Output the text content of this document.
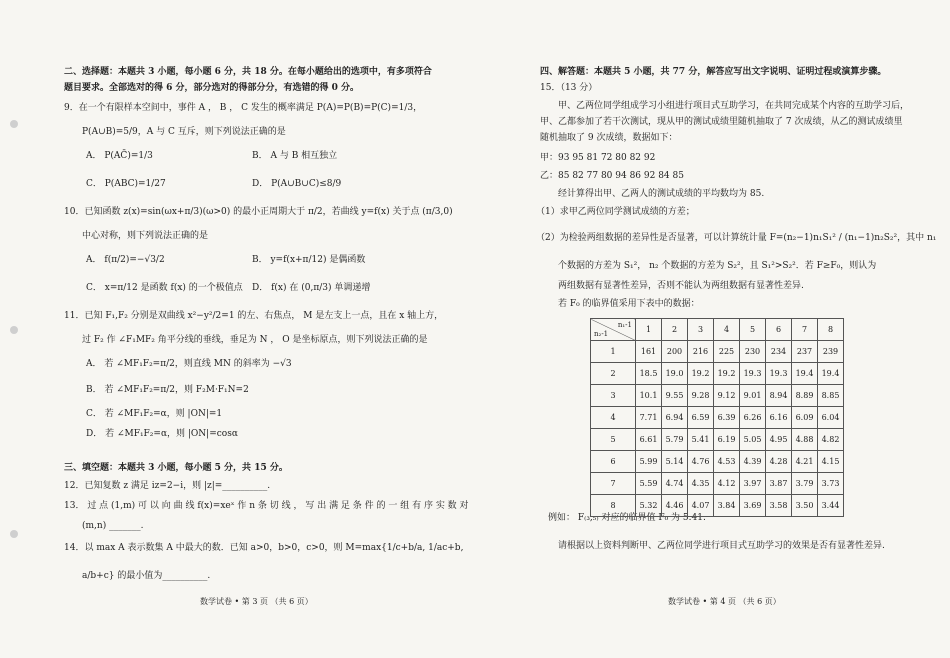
二、选择题：本题共 3 小题，每小题 6 分，共 18 分。在每小题给出的选项中，有多项符合
题目要求。全部选对的得 6 分，部分选对的得部分分，有选错的得 0 分。
9．在一个有限样本空间中，事件 A ， B ， C 发生的概率满足 P(A)=P(B)=P(C)=1/3，
P(A∪B)=5/9，A 与 C 互斥，则下列说法正确的是
A． P(AC̄)=1/3	B． A 与 B 相互独立
C． P(ABC)=1/27	D． P(A∪B∪C)≤8/9
10．已知函数 z(x)=sin(ωx+π/3)(ω>0) 的最小正周期大于 π/2，若曲线 y=f(x) 关于点 (π/3,0)
中心对称，则下列说法正确的是
A． f(π/2)=−√3/2	B． y=f(x+π/12) 是偶函数
C． x=π/12 是函数 f(x) 的一个极值点 D． f(x) 在 (0,π/3) 单调递增
11．已知 F₁,F₂ 分别是双曲线 x²−y²/2=1 的左、右焦点， M 是左支上一点，且在 x 轴上方，
过 F₂ 作 ∠F₁MF₂ 角平分线的垂线，垂足为 N ， O 是坐标原点，则下列说法正确的是
A． 若 ∠MF₁F₂=π/2，则直线 MN 的斜率为 −√3
B． 若 ∠MF₁F₂=π/2，则 F₂M·F₁N=2
C． 若 ∠MF₁F₂=α，则 |ON|=1
D． 若 ∠MF₁F₂=α，则 |ON|=cosα
三、填空题：本题共 3 小题，每小题 5 分，共 15 分。
12．已知复数 z 满足 iz=2−i，则 |z|=__________.
13． 过 点 (1,m) 可 以 向 曲 线 f(x)=xeˣ 作 n 条 切 线 ， 写 出 满 足 条 件 的 一 组 有 序 实 数 对
(m,n) _______.
14．以 max A 表示数集 A 中最大的数．已知 a>0，b>0，c>0，则 M=max{1/c+b/a, 1/ac+b,
a/b+c} 的最小值为__________.
四、解答题：本题共 5 小题，共 77 分，解答应写出文字说明、证明过程或演算步骤。
15．（13 分）
甲、乙两位同学组成学习小组进行项目式互助学习，在共同完成某个内容的互助学习后，
甲、乙都参加了若干次测试，现从甲的测试成绩里随机抽取了 7 次成绩，从乙的测试成绩里
随机抽取了 9 次成绩，数据如下：
甲：93 95 81 72 80 82 92
乙：85 82 77 80 94 86 92 84 85
经计算得出甲、乙两人的测试成绩的平均数均为 85.
（1）求甲乙两位同学测试成绩的方差；
（2）为检验两组数据的差异性是否显著，可以计算统计量 F=(n₂−1)n₁S₁² / (n₁−1)n₂S₂²，其中 n₁
个数据的方差为 S₁²， n₂ 个数据的方差为 S₂²，且 S₁²>S₂²．若 F≥F₀，则认为
两组数据有显著性差异，否则不能认为两组数据有显著性差异.
若 F₀ 的临界值采用下表中的数据：
例如： F₍₃,₅₎ 对应的临界值 F₀ 为 5.41.
请根据以上资料判断甲、乙两位同学进行项目式互助学习的效果是否有显著性差异.
n₁-1
n₂-1	1	2	3	4	5	6	7	8
1	161	200	216	225	230	234	237	239
2	18.5	19.0	19.2	19.2	19.3	19.3	19.4	19.4
3	10.1	9.55	9.28	9.12	9.01	8.94	8.89	8.85
4	7.71	6.94	6.59	6.39	6.26	6.16	6.09	6.04
5	6.61	5.79	5.41	6.19	5.05	4.95	4.88	4.82
6	5.99	5.14	4.76	4.53	4.39	4.28	4.21	4.15
7	5.59	4.74	4.35	4.12	3.97	3.87	3.79	3.73
8	5.32	4.46	4.07	3.84	3.69	3.58	3.50	3.44
数学试卷 • 第 3 页 （共 6 页）	数学试卷 • 第 4 页 （共 6 页）
